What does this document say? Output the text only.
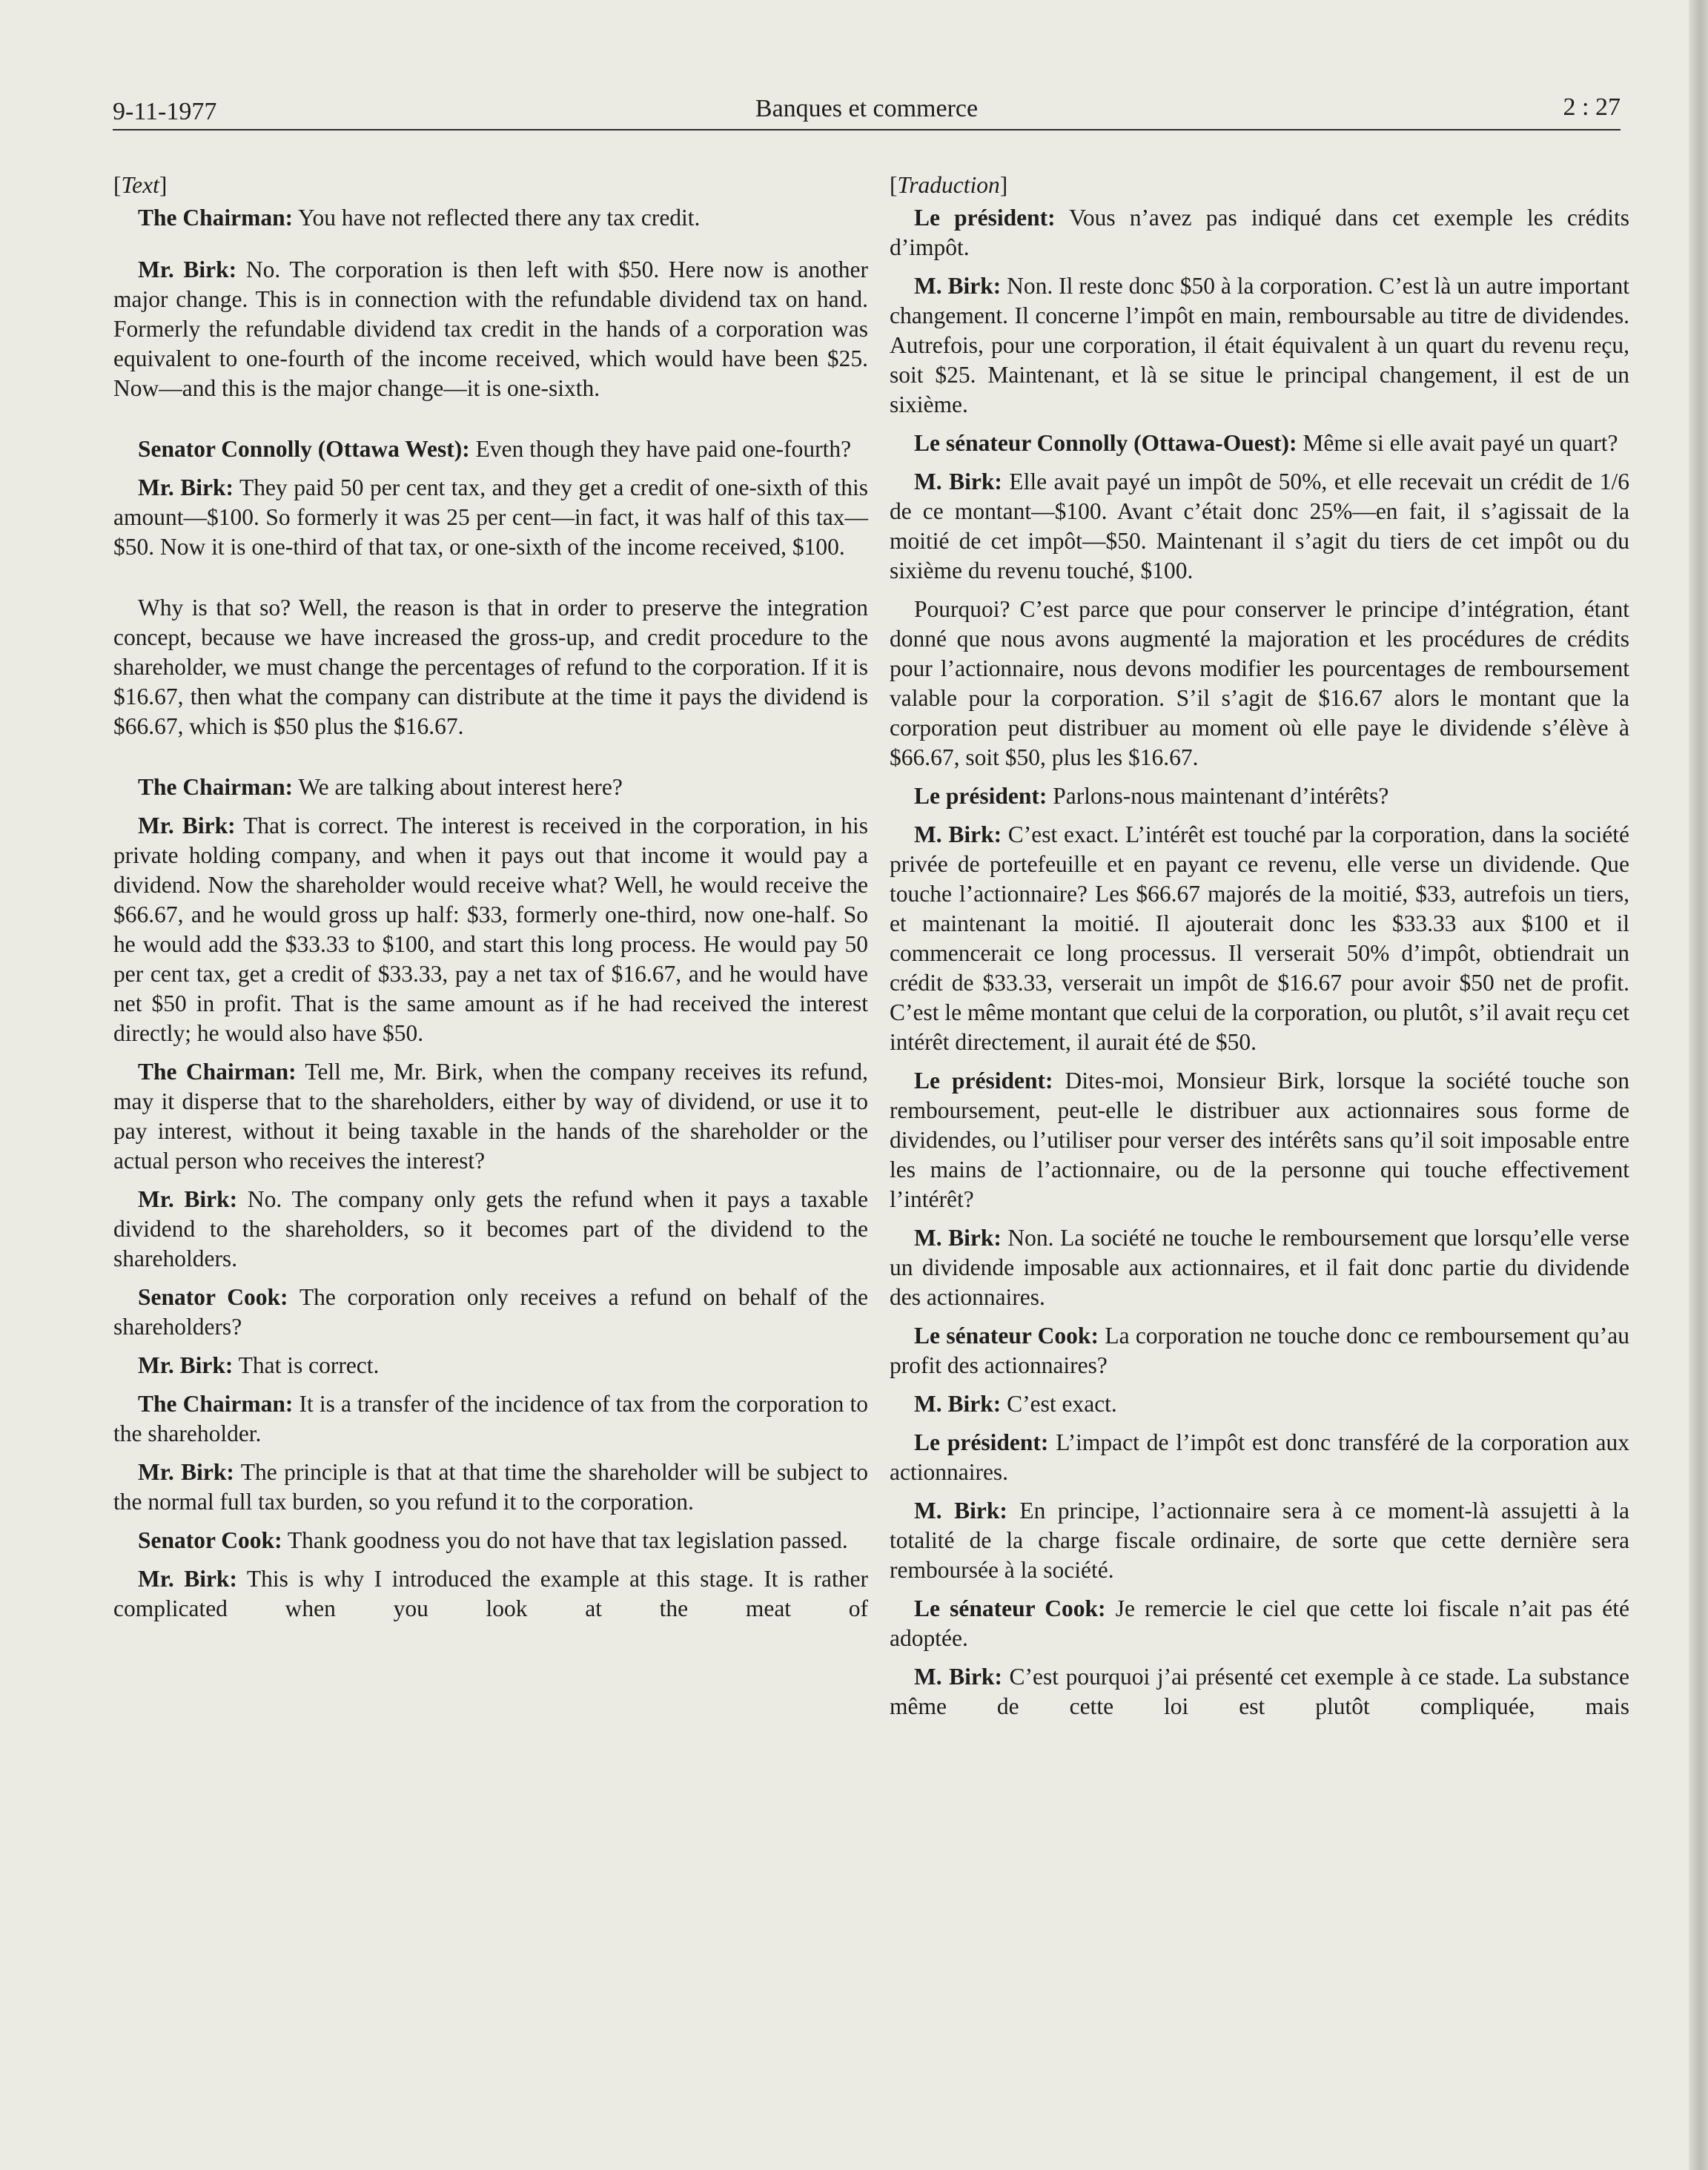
9-11-1977	Banques et commerce	2 : 27

[Text]

The Chairman: You have not reflected there any tax credit.

Mr. Birk: No. The corporation is then left with $50. Here now is another major change. This is in connection with the refundable dividend tax on hand. Formerly the refundable dividend tax credit in the hands of a corporation was equivalent to one-fourth of the income received, which would have been $25. Now—and this is the major change—it is one-sixth.

Senator Connolly (Ottawa West): Even though they have paid one-fourth?

Mr. Birk: They paid 50 per cent tax, and they get a credit of one-sixth of this amount—$100. So formerly it was 25 per cent—in fact, it was half of this tax—$50. Now it is one-third of that tax, or one-sixth of the income received, $100.

Why is that so? Well, the reason is that in order to preserve the integration concept, because we have increased the gross-up, and credit procedure to the shareholder, we must change the percentages of refund to the corporation. If it is $16.67, then what the company can distribute at the time it pays the dividend is $66.67, which is $50 plus the $16.67.

The Chairman: We are talking about interest here?

Mr. Birk: That is correct. The interest is received in the corporation, in his private holding company, and when it pays out that income it would pay a dividend. Now the shareholder would receive what? Well, he would receive the $66.67, and he would gross up half: $33, formerly one-third, now one-half. So he would add the $33.33 to $100, and start this long process. He would pay 50 per cent tax, get a credit of $33.33, pay a net tax of $16.67, and he would have net $50 in profit. That is the same amount as if he had received the interest directly; he would also have $50.

The Chairman: Tell me, Mr. Birk, when the company receives its refund, may it disperse that to the shareholders, either by way of dividend, or use it to pay interest, without it being taxable in the hands of the shareholder or the actual person who receives the interest?

Mr. Birk: No. The company only gets the refund when it pays a taxable dividend to the shareholders, so it becomes part of the dividend to the shareholders.

Senator Cook: The corporation only receives a refund on behalf of the shareholders?

Mr. Birk: That is correct.

The Chairman: It is a transfer of the incidence of tax from the corporation to the shareholder.

Mr. Birk: The principle is that at that time the shareholder will be subject to the normal full tax burden, so you refund it to the corporation.

Senator Cook: Thank goodness you do not have that tax legislation passed.

Mr. Birk: This is why I introduced the example at this stage. It is rather complicated when you look at the meat of

[Traduction]

Le président: Vous n’avez pas indiqué dans cet exemple les crédits d’impôt.

M. Birk: Non. Il reste donc $50 à la corporation. C’est là un autre important changement. Il concerne l’impôt en main, remboursable au titre de dividendes. Autrefois, pour une corporation, il était équivalent à un quart du revenu reçu, soit $25. Maintenant, et là se situe le principal changement, il est de un sixième.

Le sénateur Connolly (Ottawa-Ouest): Même si elle avait payé un quart?

M. Birk: Elle avait payé un impôt de 50%, et elle recevait un crédit de 1/6 de ce montant—$100. Avant c’était donc 25%—en fait, il s’agissait de la moitié de cet impôt—$50. Maintenant il s’agit du tiers de cet impôt ou du sixième du revenu touché, $100.

Pourquoi? C’est parce que pour conserver le principe d’intégration, étant donné que nous avons augmenté la majoration et les procédures de crédits pour l’actionnaire, nous devons modifier les pourcentages de remboursement valable pour la corporation. S’il s’agit de $16.67 alors le montant que la corporation peut distribuer au moment où elle paye le dividende s’élève à $66.67, soit $50, plus les $16.67.

Le président: Parlons-nous maintenant d’intérêts?

M. Birk: C’est exact. L’intérêt est touché par la corporation, dans la société privée de portefeuille et en payant ce revenu, elle verse un dividende. Que touche l’actionnaire? Les $66.67 majorés de la moitié, $33, autrefois un tiers, et maintenant la moitié. Il ajouterait donc les $33.33 aux $100 et il commencerait ce long processus. Il verserait 50% d’impôt, obtiendrait un crédit de $33.33, verserait un impôt de $16.67 pour avoir $50 net de profit. C’est le même montant que celui de la corporation, ou plutôt, s’il avait reçu cet intérêt directement, il aurait été de $50.

Le président: Dites-moi, Monsieur Birk, lorsque la société touche son remboursement, peut-elle le distribuer aux actionnaires sous forme de dividendes, ou l’utiliser pour verser des intérêts sans qu’il soit imposable entre les mains de l’actionnaire, ou de la personne qui touche effectivement l’intérêt?

M. Birk: Non. La société ne touche le remboursement que lorsqu’elle verse un dividende imposable aux actionnaires, et il fait donc partie du dividende des actionnaires.

Le sénateur Cook: La corporation ne touche donc ce remboursement qu’au profit des actionnaires?

M. Birk: C’est exact.

Le président: L’impact de l’impôt est donc transféré de la corporation aux actionnaires.

M. Birk: En principe, l’actionnaire sera à ce moment-là assujetti à la totalité de la charge fiscale ordinaire, de sorte que cette dernière sera remboursée à la société.

Le sénateur Cook: Je remercie le ciel que cette loi fiscale n’ait pas été adoptée.

M. Birk: C’est pourquoi j’ai présenté cet exemple à ce stade. La substance même de cette loi est plutôt compliquée, mais
